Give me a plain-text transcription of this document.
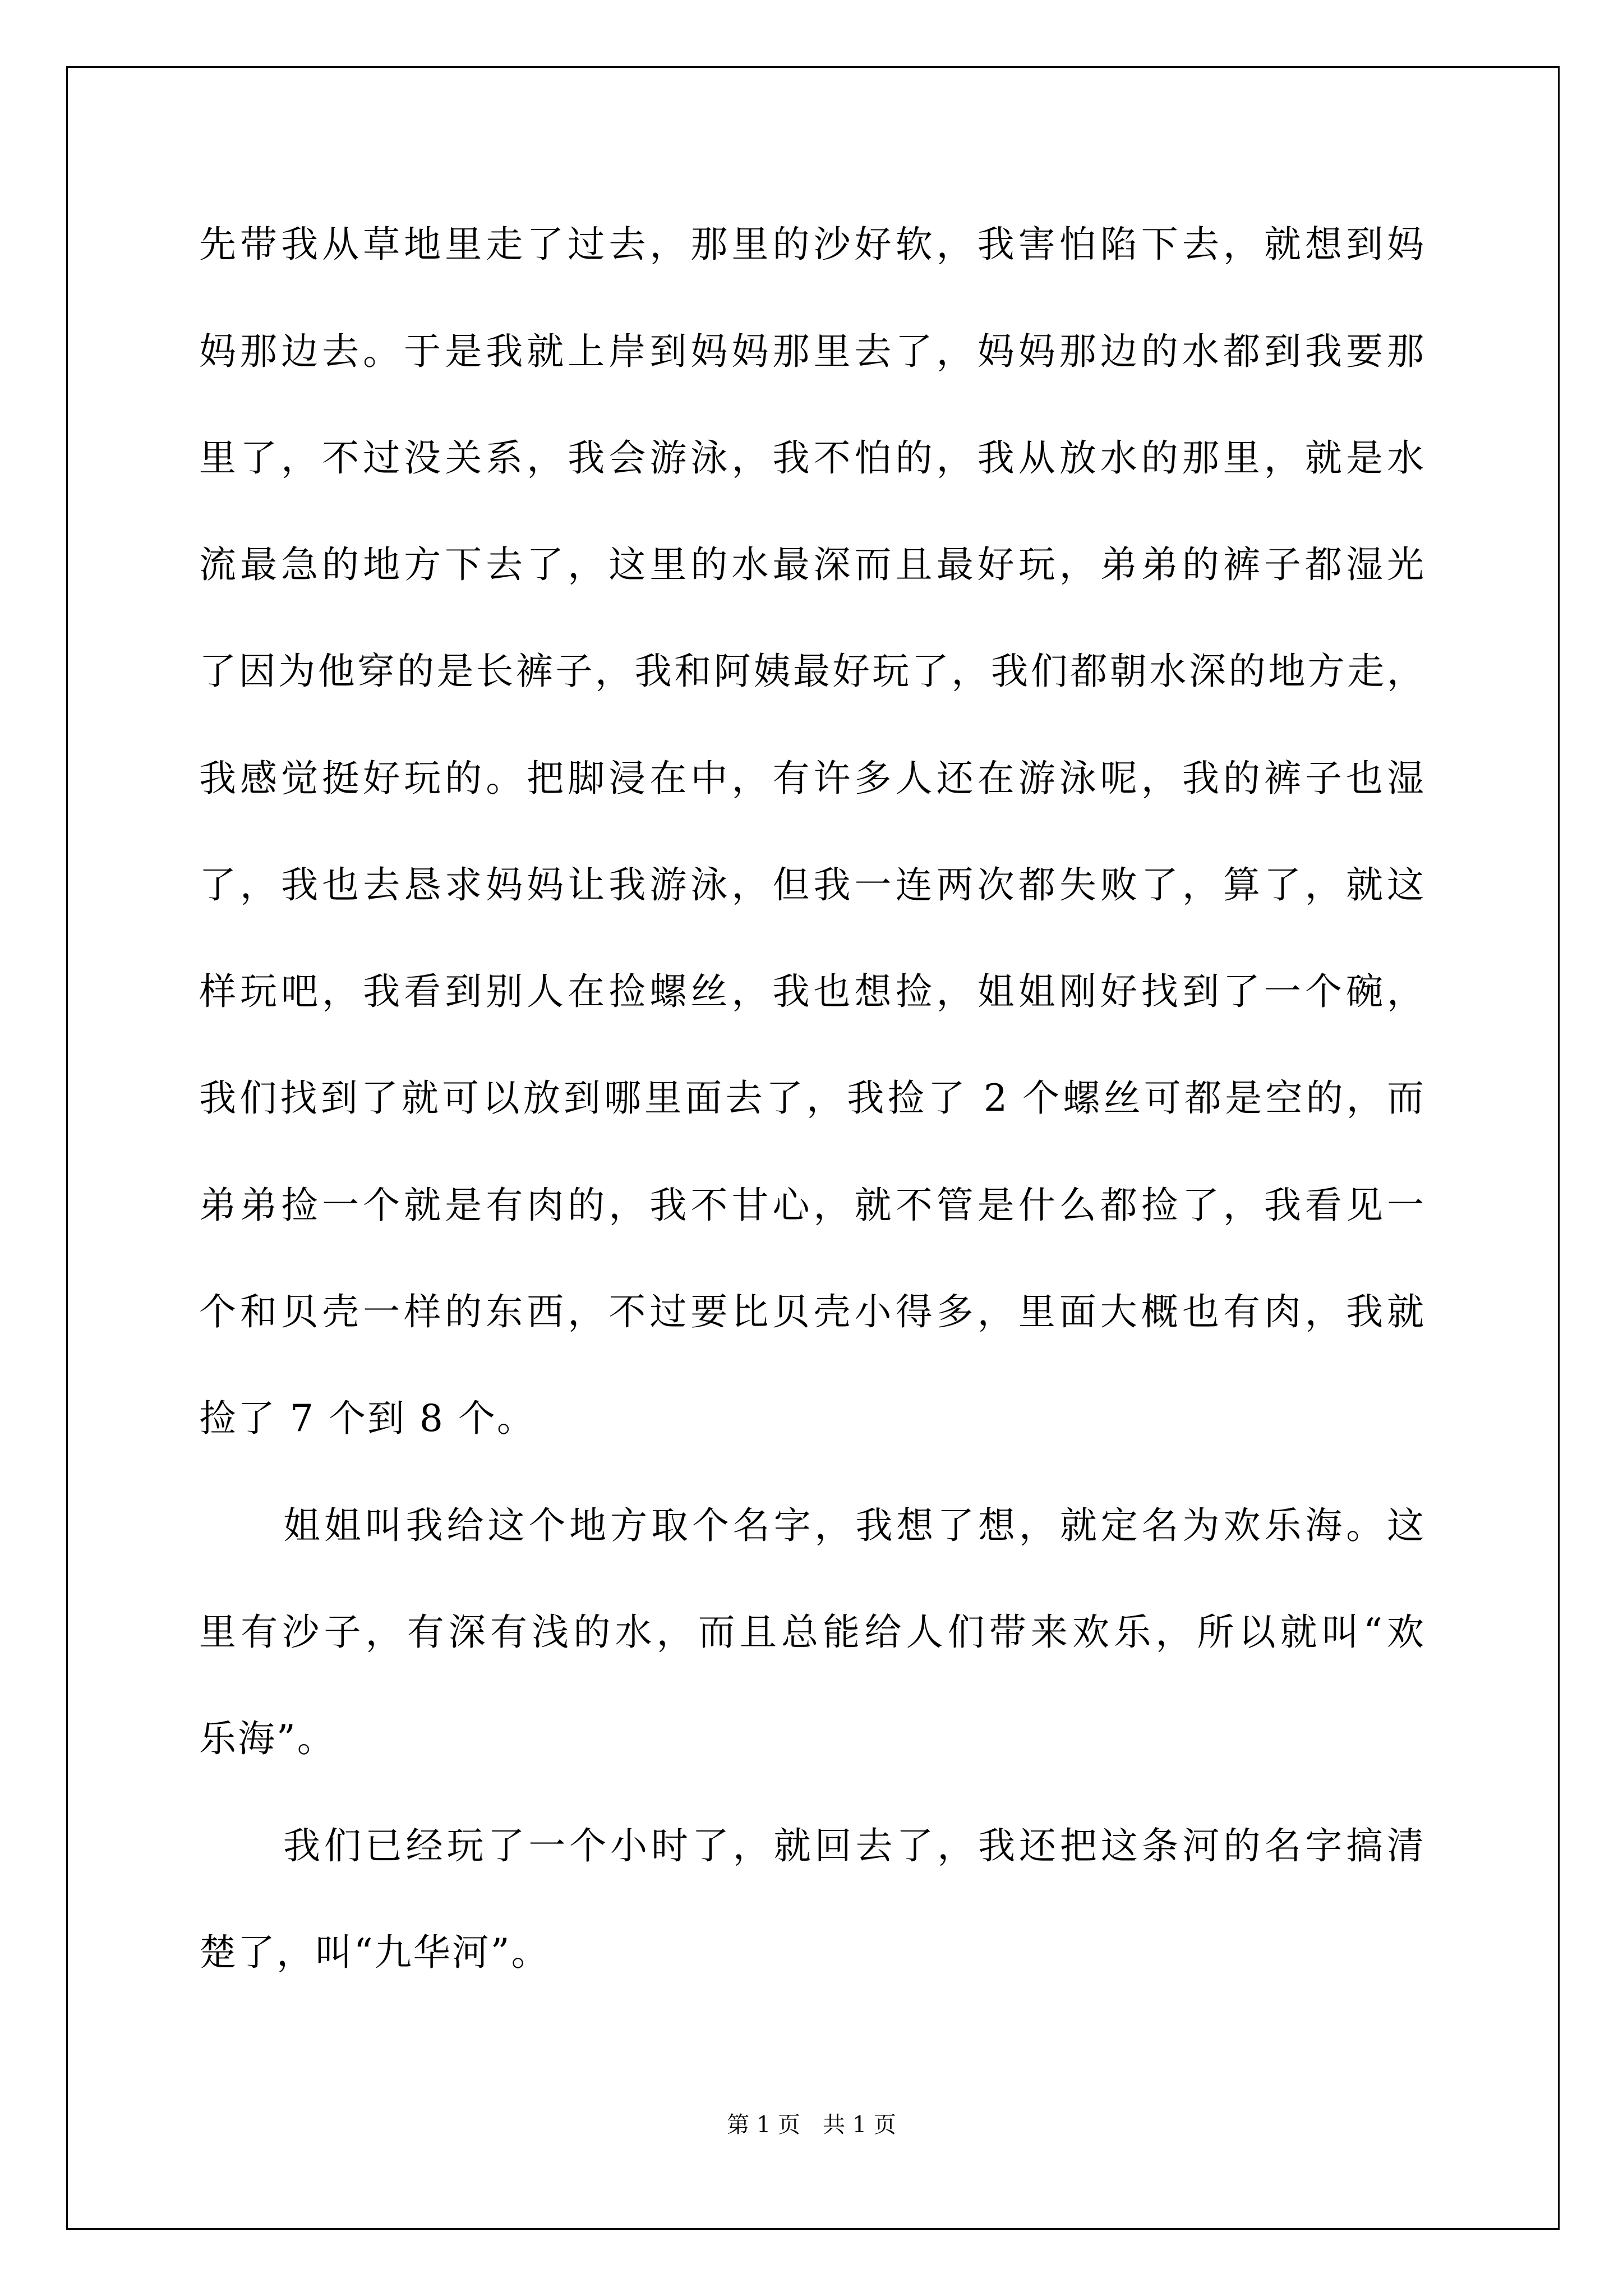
先带我从草地里走了过去，那里的沙好软，我害怕陷下去，就想到妈
妈那边去。于是我就上岸到妈妈那里去了，妈妈那边的水都到我要那
里了，不过没关系，我会游泳，我不怕的，我从放水的那里，就是水
流最急的地方下去了，这里的水最深而且最好玩，弟弟的裤子都湿光
了因为他穿的是长裤子，我和阿姨最好玩了，我们都朝水深的地方走，
我感觉挺好玩的。把脚浸在中，有许多人还在游泳呢，我的裤子也湿
了，我也去恳求妈妈让我游泳，但我一连两次都失败了，算了，就这
样玩吧，我看到别人在捡螺丝，我也想捡，姐姐刚好找到了一个碗，
我们找到了就可以放到哪里面去了，我捡了 2 个螺丝可都是空的，而
弟弟捡一个就是有肉的，我不甘心，就不管是什么都捡了，我看见一
个和贝壳一样的东西，不过要比贝壳小得多，里面大概也有肉，我就
捡了 7 个到 8 个。
姐姐叫我给这个地方取个名字，我想了想，就定名为欢乐海。这
里有沙子，有深有浅的水，而且总能给人们带来欢乐，所以就叫“欢
乐海”。
我们已经玩了一个小时了，就回去了，我还把这条河的名字搞清
楚了，叫“九华河”。
第 1 页　共 1 页
